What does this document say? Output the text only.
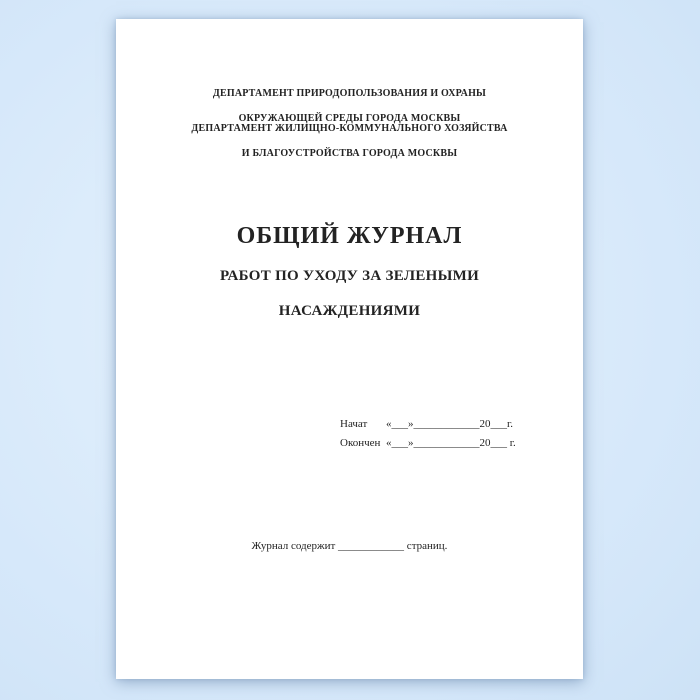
ДЕПАРТАМЕНТ ПРИРОДОПОЛЬЗОВАНИЯ И ОХРАНЫ

ОКРУЖАЮЩЕЙ СРЕДЫ ГОРОДА МОСКВЫ

ДЕПАРТАМЕНТ ЖИЛИЩНО-КОММУНАЛЬНОГО ХОЗЯЙСТВА

И БЛАГОУСТРОЙСТВА ГОРОДА МОСКВЫ

ОБЩИЙ ЖУРНАЛ

РАБОТ ПО УХОДУ ЗА ЗЕЛЕНЫМИ

НАСАЖДЕНИЯМИ

Начат	«___»____________20___г.
Окончен «___»____________20___ г.
Журнал содержит ____________ страниц.
